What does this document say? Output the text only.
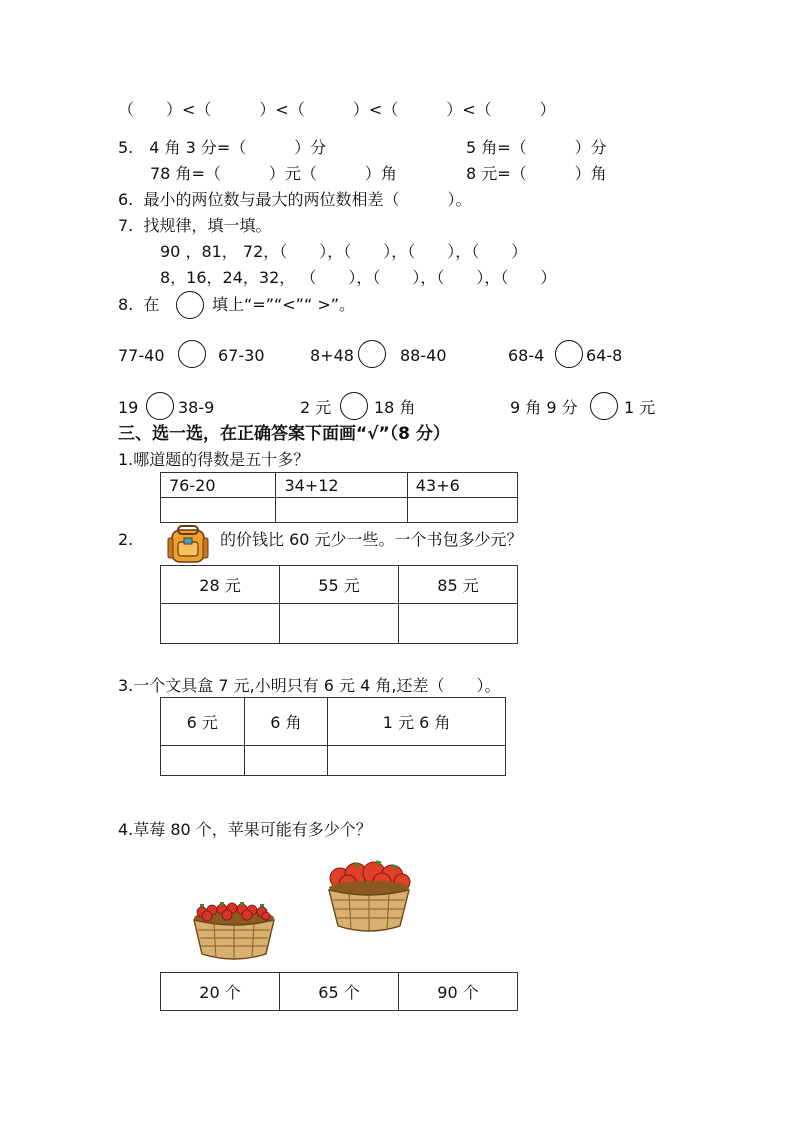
（　　）<（　　　）<（　　　）<（　　　）<（　　　）
5.　4 角 3 分=（　　　）分	5 角=（　　　）分
78 角=（　　　）元（　　　）角	8 元=（　　　）角
6.  最小的两位数与最大的两位数相差（　　　）。
7.  找规律，填一填。
90 ，81， 72，（　　），（　　），（　　），（　　）
8，16，24，32， （　　），（　　），（　　），（　　）
8.  在	填上“=”“<”“ >”。
77-40	67-30	8+48	88-40	68-4	64-8
19 38-9	2 元	18 角	9 角 9 分	1 元
三、选一选，在正确答案下面画“√”（8 分）
1.哪道题的得数是五十多？
76-20	34+12	43+6

2.	的价钱比 60 元少一些。一个书包多少元？
28 元	55 元	85 元

3.一个文具盒 7 元,小明只有 6 元 4 角,还差（　　）。
6 元	6 角	1 元 6 角

4.草莓 80 个，苹果可能有多少个？
20 个	65 个	90 个
